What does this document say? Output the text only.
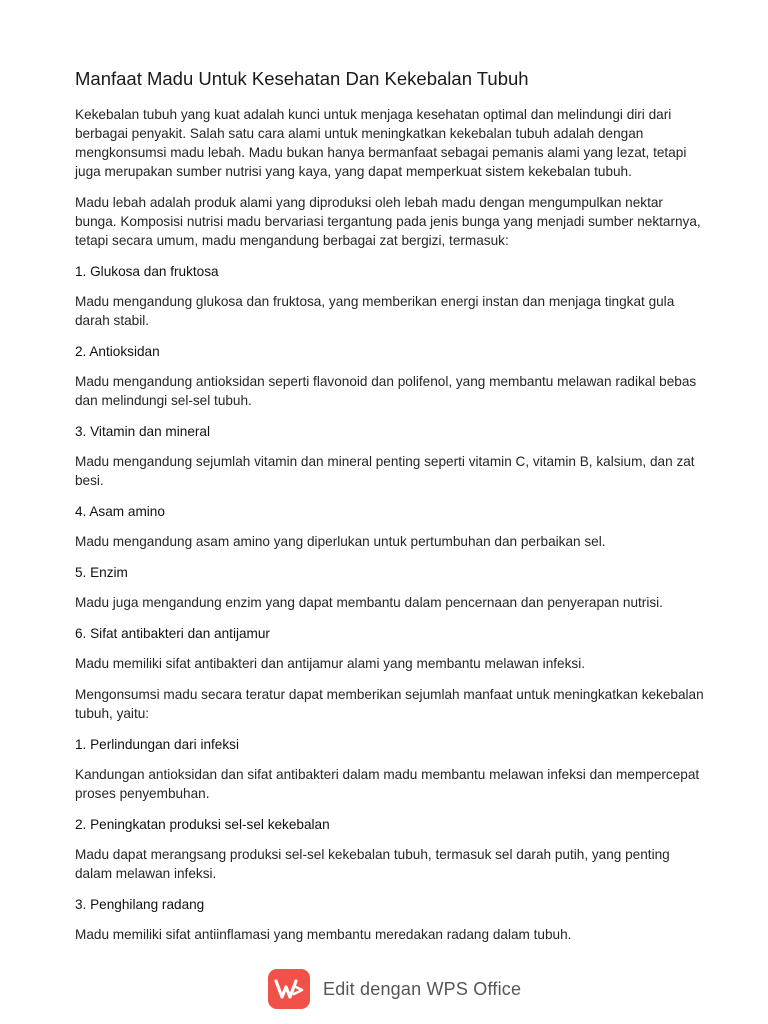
Manfaat Madu Untuk Kesehatan Dan Kekebalan Tubuh

Kekebalan tubuh yang kuat adalah kunci untuk menjaga kesehatan optimal dan melindungi diri dari berbagai penyakit. Salah satu cara alami untuk meningkatkan kekebalan tubuh adalah dengan mengkonsumsi madu lebah. Madu bukan hanya bermanfaat sebagai pemanis alami yang lezat, tetapi juga merupakan sumber nutrisi yang kaya, yang dapat memperkuat sistem kekebalan tubuh.

Madu lebah adalah produk alami yang diproduksi oleh lebah madu dengan mengumpulkan nektar bunga. Komposisi nutrisi madu bervariasi tergantung pada jenis bunga yang menjadi sumber nektarnya, tetapi secara umum, madu mengandung berbagai zat bergizi, termasuk:

1. Glukosa dan fruktosa

Madu mengandung glukosa dan fruktosa, yang memberikan energi instan dan menjaga tingkat gula darah stabil.

2. Antioksidan

Madu mengandung antioksidan seperti flavonoid dan polifenol, yang membantu melawan radikal bebas dan melindungi sel-sel tubuh.

3. Vitamin dan mineral

Madu mengandung sejumlah vitamin dan mineral penting seperti vitamin C, vitamin B, kalsium, dan zat besi.

4. Asam amino

Madu mengandung asam amino yang diperlukan untuk pertumbuhan dan perbaikan sel.

5. Enzim

Madu juga mengandung enzim yang dapat membantu dalam pencernaan dan penyerapan nutrisi.

6. Sifat antibakteri dan antijamur

Madu memiliki sifat antibakteri dan antijamur alami yang membantu melawan infeksi.

Mengonsumsi madu secara teratur dapat memberikan sejumlah manfaat untuk meningkatkan kekebalan tubuh, yaitu:

1. Perlindungan dari infeksi

Kandungan antioksidan dan sifat antibakteri dalam madu membantu melawan infeksi dan mempercepat proses penyembuhan.

2. Peningkatan produksi sel-sel kekebalan

Madu dapat merangsang produksi sel-sel kekebalan tubuh, termasuk sel darah putih, yang penting dalam melawan infeksi.

3. Penghilang radang

Madu memiliki sifat antiinflamasi yang membantu meredakan radang dalam tubuh.

Edit dengan WPS Office
